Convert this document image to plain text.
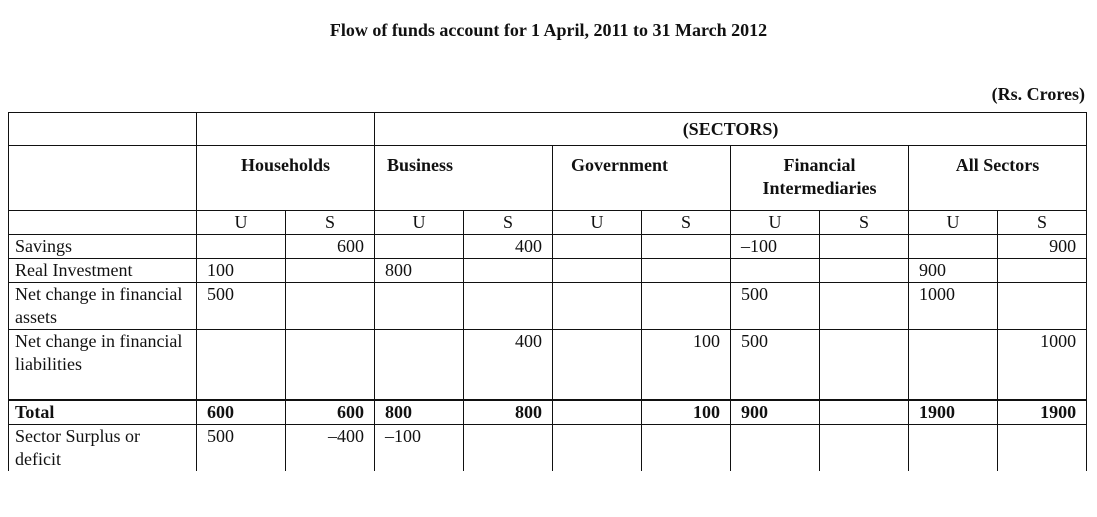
Flow of funds account for 1 April, 2011 to 31 March 2012
(Rs. Crores)
			(SECTORS)							
	Households		Business		Government		Financial Intermediaries		All Sectors	
	U	S	U	S	U	S	U	S	U	S
Savings		600		400			–100			900
Real Investment	100		800						900	
Net change in financial assets	500						500		1000	
Net change in financial liabilities				400		100	500			1000
Total	600	600	800	800		100	900		1900	1900
Sector Surplus or deficit	500	–400	–100							
